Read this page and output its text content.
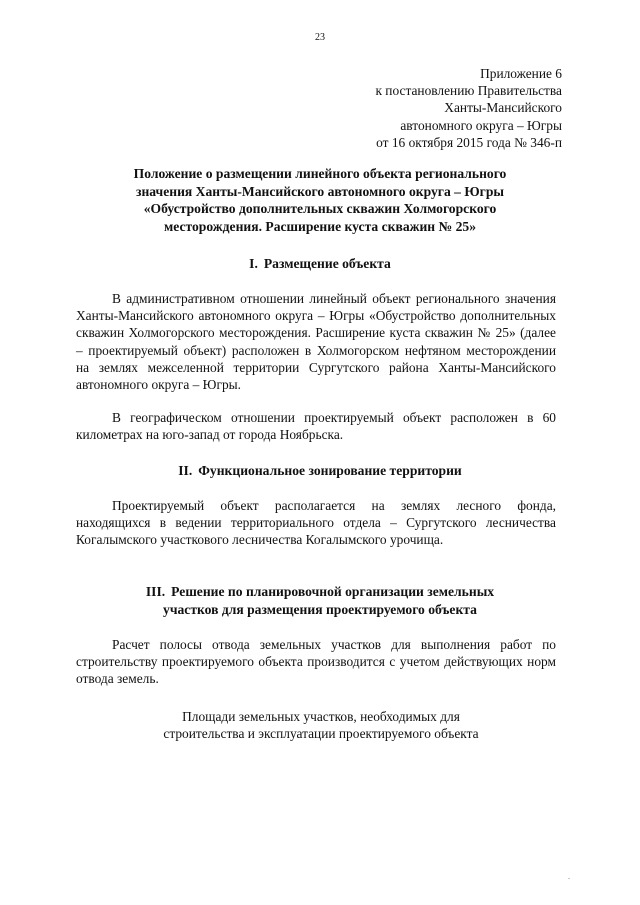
23
Приложение 6
к постановлению Правительства
Ханты-Мансийского
автономного округа – Югры
от 16 октября 2015 года № 346-п
Положение о размещении линейного объекта регионального
значения Ханты-Мансийского автономного округа – Югры
«Обустройство дополнительных скважин Холмогорского
месторождения. Расширение куста скважин № 25»
I. Размещение объекта
В административном отношении линейный объект регионального значения Ханты-Мансийского автономного округа – Югры «Обустройство дополнительных скважин Холмогорского месторождения. Расширение куста скважин № 25» (далее – проектируемый объект) расположен в Холмогорском нефтяном месторождении на землях межселенной территории Сургутского района Ханты-Мансийского автономного округа – Югры.
В географическом отношении проектируемый объект расположен в 60 километрах на юго-запад от города Ноябрьска.
II. Функциональное зонирование территории
Проектируемый объект располагается на землях лесного фонда, находящихся в ведении территориального отдела – Сургутского лесничества Когалымского участкового лесничества Когалымского урочища.
III. Решение по планировочной организации земельных
участков для размещения проектируемого объекта
Расчет полосы отвода земельных участков для выполнения работ по строительству проектируемого объекта производится с учетом действующих норм отвода земель.
Площади земельных участков, необходимых для
строительства и эксплуатации проектируемого объекта
.
